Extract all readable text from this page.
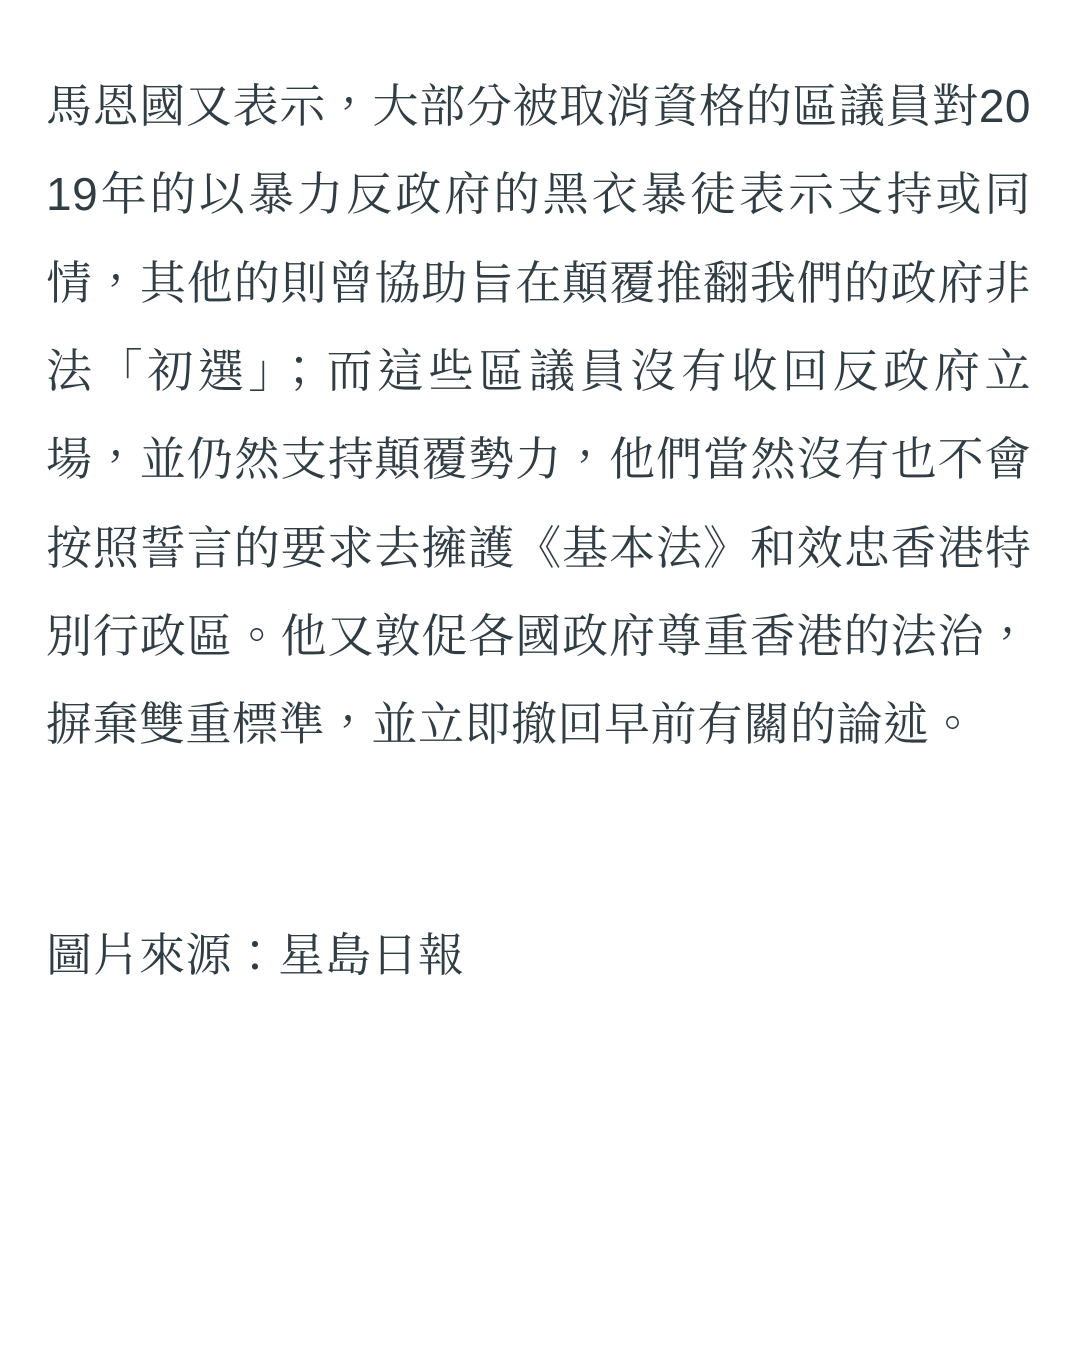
馬恩國又表示，大部分被取消資格的區議員對2019年的以暴力反政府的黑衣暴徒表示支持或同情，其他的則曾協助旨在顛覆推翻我們的政府非法「初選」；而這些區議員沒有收回反政府立場，並仍然支持顛覆勢力，他們當然沒有也不會按照誓言的要求去擁護《基本法》和效忠香港特別行政區。他又敦促各國政府尊重香港的法治，摒棄雙重標準，並立即撤回早前有關的論述。

圖片來源：星島日報
